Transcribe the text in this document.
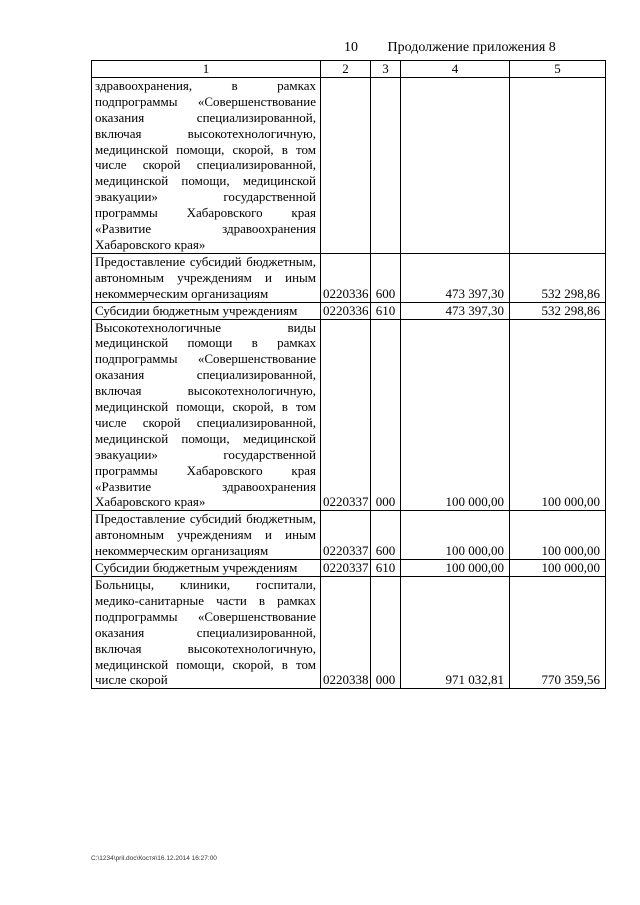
10 Продолжение приложения 8
1	2	3	4	5
здравоохранения, в рамках подпрограммы «Совершенствование оказания специализированной, включая высокотехнологичную, медицинской помощи, скорой, в том числе скорой специализированной, медицинской помощи, медицинской эвакуации» государственной программы Хабаровского края «Развитие здравоохранения Хабаровского края»				
Предоставление субсидий бюджетным, автономным учреждениям и иным некоммерческим организациям	0220336	600	473 397,30	532 298,86
Субсидии бюджетным учреждениям	0220336	610	473 397,30	532 298,86
Высокотехнологичные виды медицинской помощи в рамках подпрограммы «Совершенствование оказания специализированной, включая высокотехнологичную, медицинской помощи, скорой, в том числе скорой специализированной, медицинской помощи, медицинской эвакуации» государственной программы Хабаровского края «Развитие здравоохранения Хабаровского края»	0220337	000	100 000,00	100 000,00
Предоставление субсидий бюджетным, автономным учреждениям и иным некоммерческим организациям	0220337	600	100 000,00	100 000,00
Субсидии бюджетным учреждениям	0220337	610	100 000,00	100 000,00
Больницы, клиники, госпитали, медико-санитарные части в рамках подпрограммы «Совершенствование оказания специализированной, включая высокотехнологичную, медицинской помощи, скорой, в том числе скорой	0220338	000	971 032,81	770 359,56
C:\1234\pril.doc\Костя\16.12.2014 16:27:00
